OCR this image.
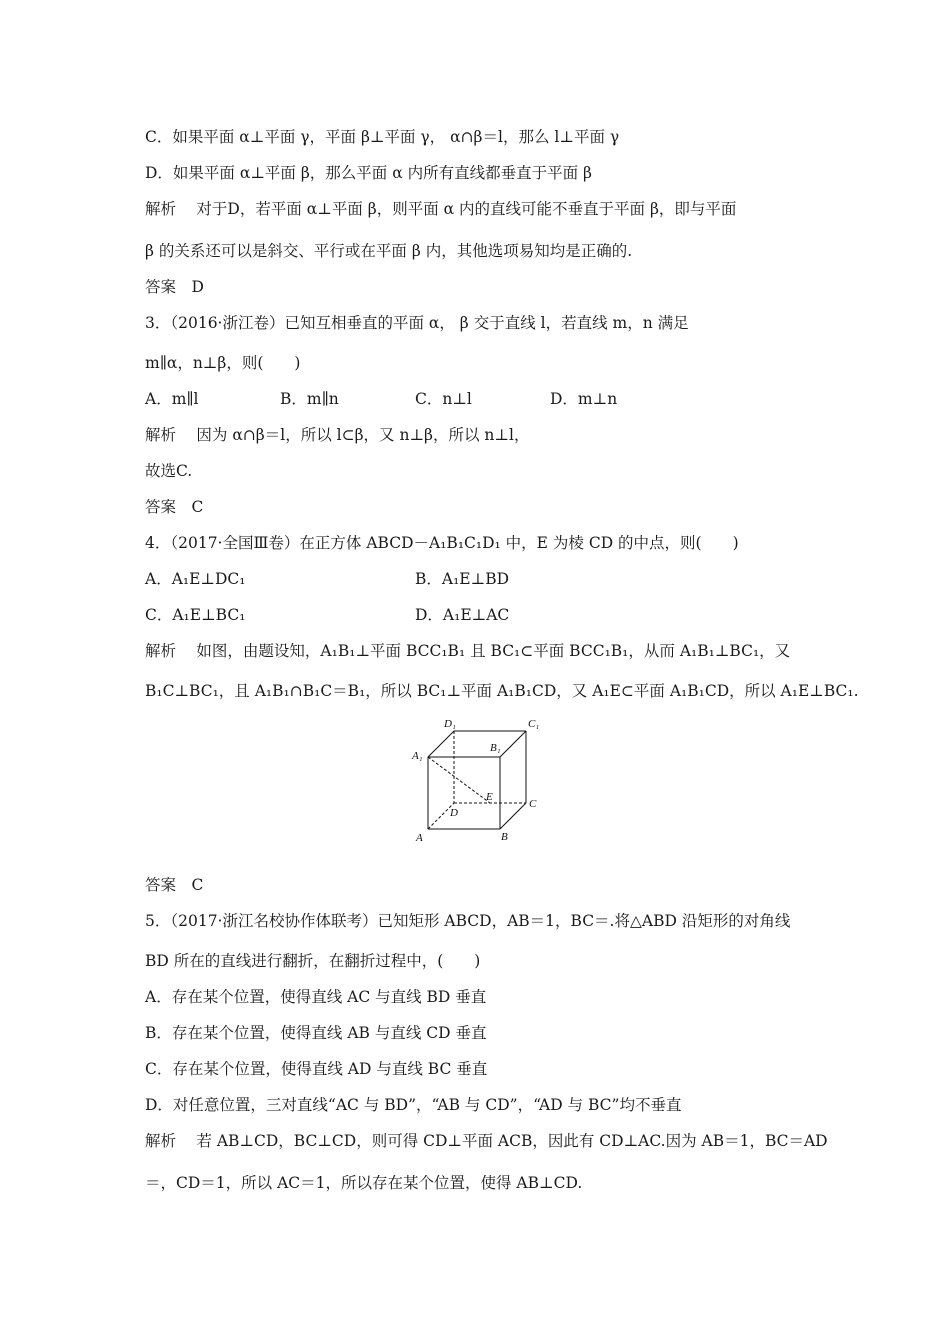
C．如果平面 α⊥平面 γ，平面 β⊥平面 γ， α∩β＝l，那么 l⊥平面 γ
D．如果平面 α⊥平面 β，那么平面 α 内所有直线都垂直于平面 β
解析　 对于D，若平面 α⊥平面 β，则平面 α 内的直线可能不垂直于平面 β，即与平面
β 的关系还可以是斜交、平行或在平面 β 内，其他选项易知均是正确的.
答案　D
3．（2016·浙江卷）已知互相垂直的平面 α， β 交于直线 l，若直线 m，n 满足
m∥α，n⊥β，则(　　)
A．m∥l	B．m∥n	C．n⊥l	D．m⊥n
解析　 因为 α∩β＝l，所以 l⊂β，又 n⊥β，所以 n⊥l，
故选C.
答案　C
4．（2017·全国Ⅲ卷）在正方体 ABCD－A₁B₁C₁D₁ 中，E 为棱 CD 的中点，则(　　)
A．A₁E⊥DC₁	B．A₁E⊥BD
C．A₁E⊥BC₁	D．A₁E⊥AC
解析　 如图，由题设知，A₁B₁⊥平面 BCC₁B₁ 且 BC₁⊂平面 BCC₁B₁，从而 A₁B₁⊥BC₁，又
B₁C⊥BC₁，且 A₁B₁∩B₁C＝B₁，所以 BC₁⊥平面 A₁B₁CD，又 A₁E⊂平面 A₁B₁CD，所以 A₁E⊥BC₁.
D₁	C₁
B₁
A₁
E
D
C
A	B
答案　C
5．（2017·浙江名校协作体联考）已知矩形 ABCD，AB＝1，BC＝.将△ABD 沿矩形的对角线
BD 所在的直线进行翻折，在翻折过程中，(　　)
A．存在某个位置，使得直线 AC 与直线 BD 垂直
B．存在某个位置，使得直线 AB 与直线 CD 垂直
C．存在某个位置，使得直线 AD 与直线 BC 垂直
D．对任意位置，三对直线“AC 与 BD”，“AB 与 CD”，“AD 与 BC”均不垂直
解析　 若 AB⊥CD，BC⊥CD，则可得 CD⊥平面 ACB，因此有 CD⊥AC.因为 AB＝1，BC＝AD
＝，CD＝1，所以 AC＝1，所以存在某个位置，使得 AB⊥CD.
